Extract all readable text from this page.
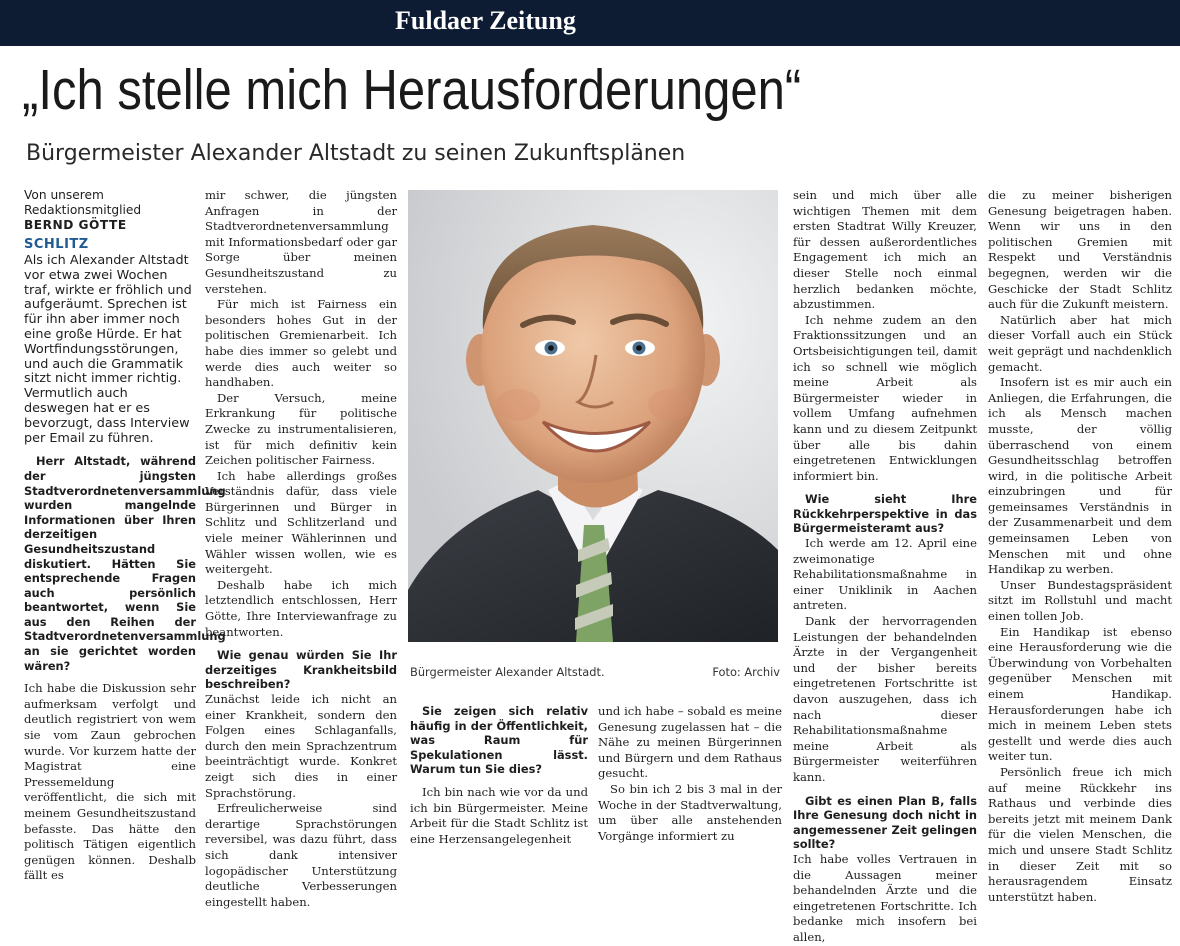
Fuldaer Zeitung
„Ich stelle mich Herausforderungen“
Bürgermeister Alexander Altstadt zu seinen Zukunftsplänen
Von unserem
Redaktionsmitglied
BERND GÖTTE
SCHLITZ

Als ich Alexander Altstadt vor etwa zwei Wochen traf, wirkte er fröhlich und aufgeräumt. Sprechen ist für ihn aber immer noch eine große Hürde. Er hat Wortfindungsstörungen, und auch die Grammatik sitzt nicht immer richtig. Vermutlich auch deswegen hat er es bevorzugt, dass Interview per Email zu führen.

Herr Altstadt, während der jüngsten Stadtverordnetenversammlung wurden mangelnde Informationen über Ihren derzeitigen Gesundheitszustand diskutiert. Hätten Sie entsprechende Fragen auch persönlich beantwortet, wenn Sie aus den Reihen der Stadtverordnetenversammlung an sie gerichtet worden wären?

Ich habe die Diskussion sehr aufmerksam verfolgt und deutlich registriert von wem sie vom Zaun gebrochen wurde. Vor kurzem hatte der Magistrat eine Pressemeldung veröffentlicht, die sich mit meinem Gesundheitszustand befasste. Das hätte den politisch Tätigen eigentlich genügen können. Deshalb fällt es

mir schwer, die jüngsten Anfragen in der Stadtverordnetenversammlung mit Informationsbedarf oder gar Sorge über meinen Gesundheitszustand zu verstehen.

Für mich ist Fairness ein besonders hohes Gut in der politischen Gremienarbeit. Ich habe dies immer so gelebt und werde dies auch weiter so handhaben.

Der Versuch, meine Erkrankung für politische Zwecke zu instrumentalisieren, ist für mich definitiv kein Zeichen politischer Fairness.

Ich habe allerdings großes Verständnis dafür, dass viele Bürgerinnen und Bürger in Schlitz und Schlitzerland und viele meiner Wählerinnen und Wähler wissen wollen, wie es weitergeht.

Deshalb habe ich mich letztendlich entschlossen, Herr Götte, Ihre Interviewanfrage zu beantworten.

Wie genau würden Sie Ihr derzeitiges Krankheitsbild beschreiben?

Zunächst leide ich nicht an einer Krankheit, sondern den Folgen eines Schlaganfalls, durch den mein Sprachzentrum beeinträchtigt wurde. Konkret zeigt sich dies in einer Sprachstörung.

Erfreulicherweise sind derartige Sprachstörungen reversibel, was dazu führt, dass sich dank intensiver logopädischer Unterstützung deutliche Verbesserungen eingestellt haben.

Bürgermeister Alexander Altstadt.	Foto: Archiv

Sie zeigen sich relativ häufig in der Öffentlichkeit, was Raum für Spekulationen lässt. Warum tun Sie dies?

Ich bin nach wie vor da und ich bin Bürgermeister. Meine Arbeit für die Stadt Schlitz ist eine Herzensangelegenheit

und ich habe – sobald es meine Genesung zugelassen hat – die Nähe zu meinen Bürgerinnen und Bürgern und dem Rathaus gesucht.

So bin ich 2 bis 3 mal in der Woche in der Stadtverwaltung, um über alle anstehenden Vorgänge informiert zu

sein und mich über alle wichtigen Themen mit dem ersten Stadtrat Willy Kreuzer, für dessen außerordentliches Engagement ich mich an dieser Stelle noch einmal herzlich bedanken möchte, abzustimmen.

Ich nehme zudem an den Fraktionssitzungen und an Ortsbeisichtigungen teil, damit ich so schnell wie möglich meine Arbeit als Bürgermeister wieder in vollem Umfang aufnehmen kann und zu diesem Zeitpunkt über alle bis dahin eingetretenen Entwicklungen informiert bin.

Wie sieht Ihre Rückkehrperspektive in das Bürgermeisteramt aus?

Ich werde am 12. April eine zweimonatige Rehabilitationsmaßnahme in einer Uniklinik in Aachen antreten.

Dank der hervorragenden Leistungen der behandelnden Ärzte in der Vergangenheit und der bisher bereits eingetretenen Fortschritte ist davon auszugehen, dass ich nach dieser Rehabilitationsmaßnahme meine Arbeit als Bürgermeister weiterführen kann.

Gibt es einen Plan B, falls Ihre Genesung doch nicht in angemessener Zeit gelingen sollte?

Ich habe volles Vertrauen in die Aussagen meiner behandelnden Ärzte und die eingetretenen Fortschritte. Ich bedanke mich insofern bei allen,

die zu meiner bisherigen Genesung beigetragen haben. Wenn wir uns in den politischen Gremien mit Respekt und Verständnis begegnen, werden wir die Geschicke der Stadt Schlitz auch für die Zukunft meistern.

Natürlich aber hat mich dieser Vorfall auch ein Stück weit geprägt und nachdenklich gemacht.

Insofern ist es mir auch ein Anliegen, die Erfahrungen, die ich als Mensch machen musste, der völlig überraschend von einem Gesundheitsschlag betroffen wird, in die politische Arbeit einzubringen und für gemeinsames Verständnis in der Zusammenarbeit und dem gemeinsamen Leben von Menschen mit und ohne Handikap zu werben.

Unser Bundestagspräsident sitzt im Rollstuhl und macht einen tollen Job.

Ein Handikap ist ebenso eine Herausforderung wie die Überwindung von Vorbehalten gegenüber Menschen mit einem Handikap. Herausforderungen habe ich mich in meinem Leben stets gestellt und werde dies auch weiter tun.

Persönlich freue ich mich auf meine Rückkehr ins Rathaus und verbinde dies bereits jetzt mit meinem Dank für die vielen Menschen, die mich und unsere Stadt Schlitz in dieser Zeit mit so herausragendem Einsatz unterstützt haben.
